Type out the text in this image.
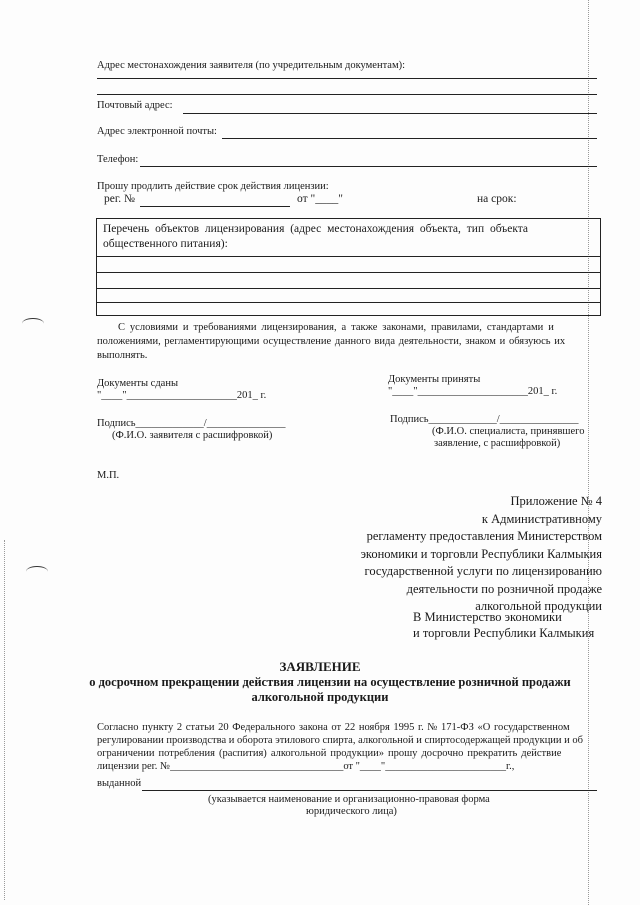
Адрес местонахождения заявителя (по учредительным документам):
Почтовый адрес:
Адрес электронной почты:
Телефон:
Прошу продлить действие срок действия лицензии:
рег. №	от "____"	на срок:
Перечень объектов лицензирования (адрес местонахождения объекта, тип объекта
общественного питания):
С условиями и требованиями лицензирования, а также законами, правилами, стандартами и
положениями, регламентирующими осуществление данного вида деятельности, знаком и обязуюсь их
выполнять.
Документы сданы
"____"_____________________201_ г.
Документы приняты
"____"_____________________201_ г.
Подпись_____________/_______________
(Ф.И.О. заявителя с расшифровкой)
Подпись_____________/_______________
(Ф.И.О. специалиста, принявшего
заявление, с расшифровкой)
М.П.
Приложение № 4
к Административному
регламенту предоставления Министерством
экономики и торговли Республики Калмыкия
государственной услуги по лицензированию
деятельности по розничной продаже
алкогольной продукции
В Министерство экономики
и торговли Республики Калмыкия
ЗАЯВЛЕНИЕ
о досрочном прекращении действия лицензии на осуществление розничной продажи
алкогольной продукции
Согласно пункту 2 статьи 20 Федерального закона от 22 ноября 1995 г. № 171-ФЗ «О государственном
регулировании производства и оборота этилового спирта, алкогольной и спиртосодержащей продукции и об
ограничении потребления (распития) алкогольной продукции» прошу досрочно прекратить действие
лицензии рег. №_________________________________от "____"_______________________г.,
выданной
(указывается наименование и организационно-правовая форма
юридического лица)
